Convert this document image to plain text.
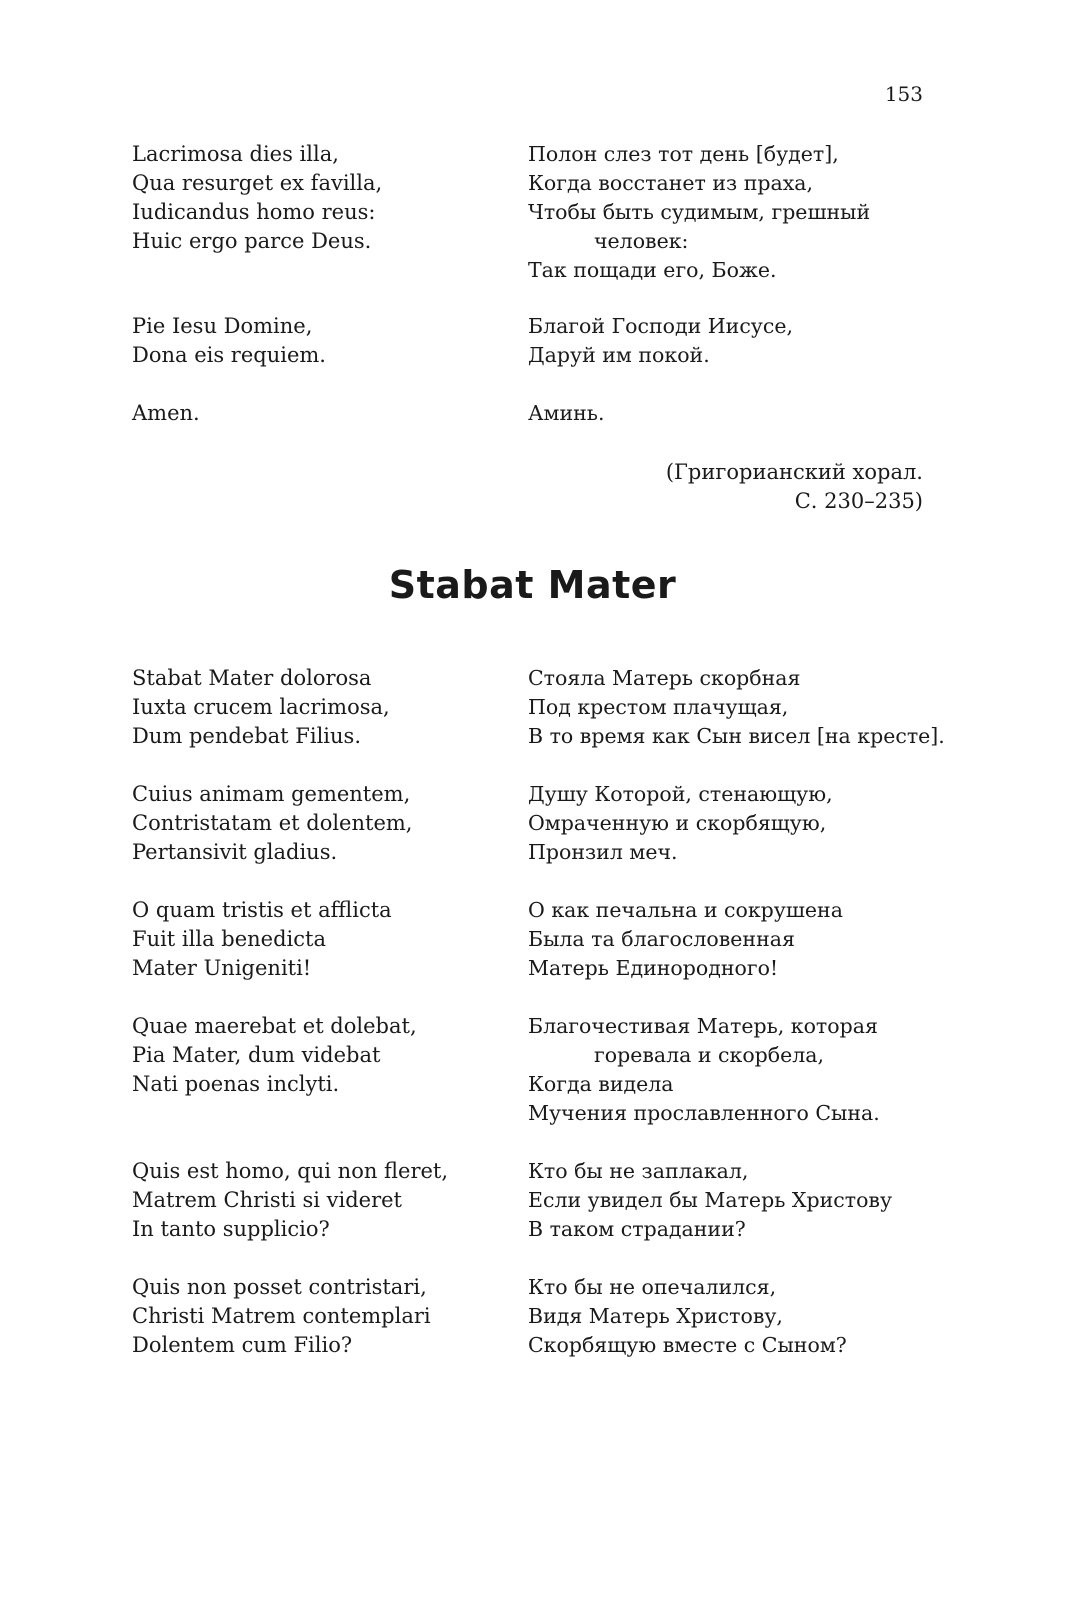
153
Lacrimosa dies illa,
Qua resurget ex favilla,
Iudicandus homo reus:
Huic ergo parce Deus.
Полон слез тот день [будет],
Когда восстанет из праха,
Чтобы быть судимым, грешный
человек:
Так пощади его, Боже.
Pie Iesu Domine,
Dona eis requiem.
Благой Господи Иисусе,
Даруй им покой.
Amen.	Аминь.
(Григорианский хорал.
С. 230–235)
Stabat Mater
Stabat Mater dolorosa
Iuxta crucem lacrimosa,
Dum pendebat Filius.
Стояла Матерь скорбная
Под крестом плачущая,
В то время как Сын висел [на кресте].
Cuius animam gementem,
Contristatam et dolentem,
Pertansivit gladius.
Душу Которой, стенающую,
Омраченную и скорбящую,
Пронзил меч.
O quam tristis et afflicta
Fuit illa benedicta
Mater Unigeniti!
О как печальна и сокрушена
Была та благословенная
Матерь Единородного!
Quae maerebat et dolebat,
Pia Mater, dum videbat
Nati poenas inclyti.
Благочестивая Матерь, которая
горевала и скорбела,
Когда видела
Мучения прославленного Сына.
Quis est homo, qui non fleret,
Matrem Christi si videret
In tanto supplicio?
Кто бы не заплакал,
Если увидел бы Матерь Христову
В таком страдании?
Quis non posset contristari,
Christi Matrem contemplari
Dolentem cum Filio?
Кто бы не опечалился,
Видя Матерь Христову,
Скорбящую вместе с Сыном?
